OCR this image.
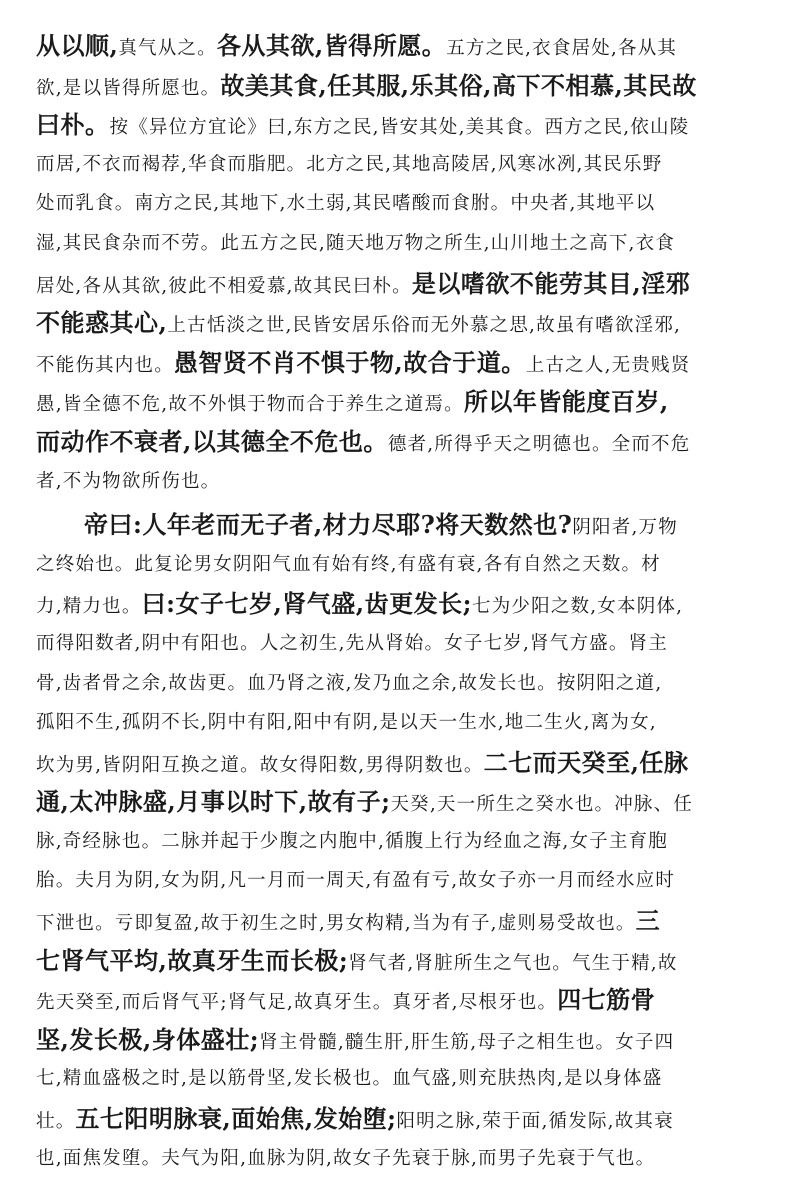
从以顺,真气从之。各从其欲,皆得所愿。五方之民,衣食居处,各从其
欲,是以皆得所愿也。故美其食,任其服,乐其俗,高下不相慕,其民故
曰朴。按《异位方宜论》曰,东方之民,皆安其处,美其食。西方之民,依山陵
而居,不衣而褐荐,华食而脂肥。北方之民,其地高陵居,风寒冰冽,其民乐野
处而乳食。南方之民,其地下,水土弱,其民嗜酸而食胕。中央者,其地平以
湿,其民食杂而不劳。此五方之民,随天地万物之所生,山川地土之高下,衣食
居处,各从其欲,彼此不相爱慕,故其民曰朴。是以嗜欲不能劳其目,淫邪
不能惑其心,上古恬淡之世,民皆安居乐俗而无外慕之思,故虽有嗜欲淫邪,
不能伤其内也。愚智贤不肖不惧于物,故合于道。上古之人,无贵贱贤
愚,皆全德不危,故不外惧于物而合于养生之道焉。所以年皆能度百岁,
而动作不衰者,以其德全不危也。德者,所得乎天之明德也。全而不危
者,不为物欲所伤也。
帝曰:人年老而无子者,材力尽耶?将天数然也?阴阳者,万物
之终始也。此复论男女阴阳气血有始有终,有盛有衰,各有自然之天数。材
力,精力也。曰:女子七岁,肾气盛,齿更发长;七为少阳之数,女本阴体,
而得阳数者,阴中有阳也。人之初生,先从肾始。女子七岁,肾气方盛。肾主
骨,齿者骨之余,故齿更。血乃肾之液,发乃血之余,故发长也。按阴阳之道,
孤阳不生,孤阴不长,阴中有阳,阳中有阴,是以天一生水,地二生火,离为女,
坎为男,皆阴阳互换之道。故女得阳数,男得阴数也。二七而天癸至,任脉
通,太冲脉盛,月事以时下,故有子;天癸,天一所生之癸水也。冲脉、任
脉,奇经脉也。二脉并起于少腹之内胞中,循腹上行为经血之海,女子主育胞
胎。夫月为阴,女为阴,凡一月而一周天,有盈有亏,故女子亦一月而经水应时
下泄也。亏即复盈,故于初生之时,男女构精,当为有子,虚则易受故也。三
七肾气平均,故真牙生而长极;肾气者,肾脏所生之气也。气生于精,故
先天癸至,而后肾气平;肾气足,故真牙生。真牙者,尽根牙也。四七筋骨
坚,发长极,身体盛壮;肾主骨髓,髓生肝,肝生筋,母子之相生也。女子四
七,精血盛极之时,是以筋骨坚,发长极也。血气盛,则充肤热肉,是以身体盛
壮。五七阳明脉衰,面始焦,发始堕;阳明之脉,荣于面,循发际,故其衰
也,面焦发堕。夫气为阳,血脉为阴,故女子先衰于脉,而男子先衰于气也。
